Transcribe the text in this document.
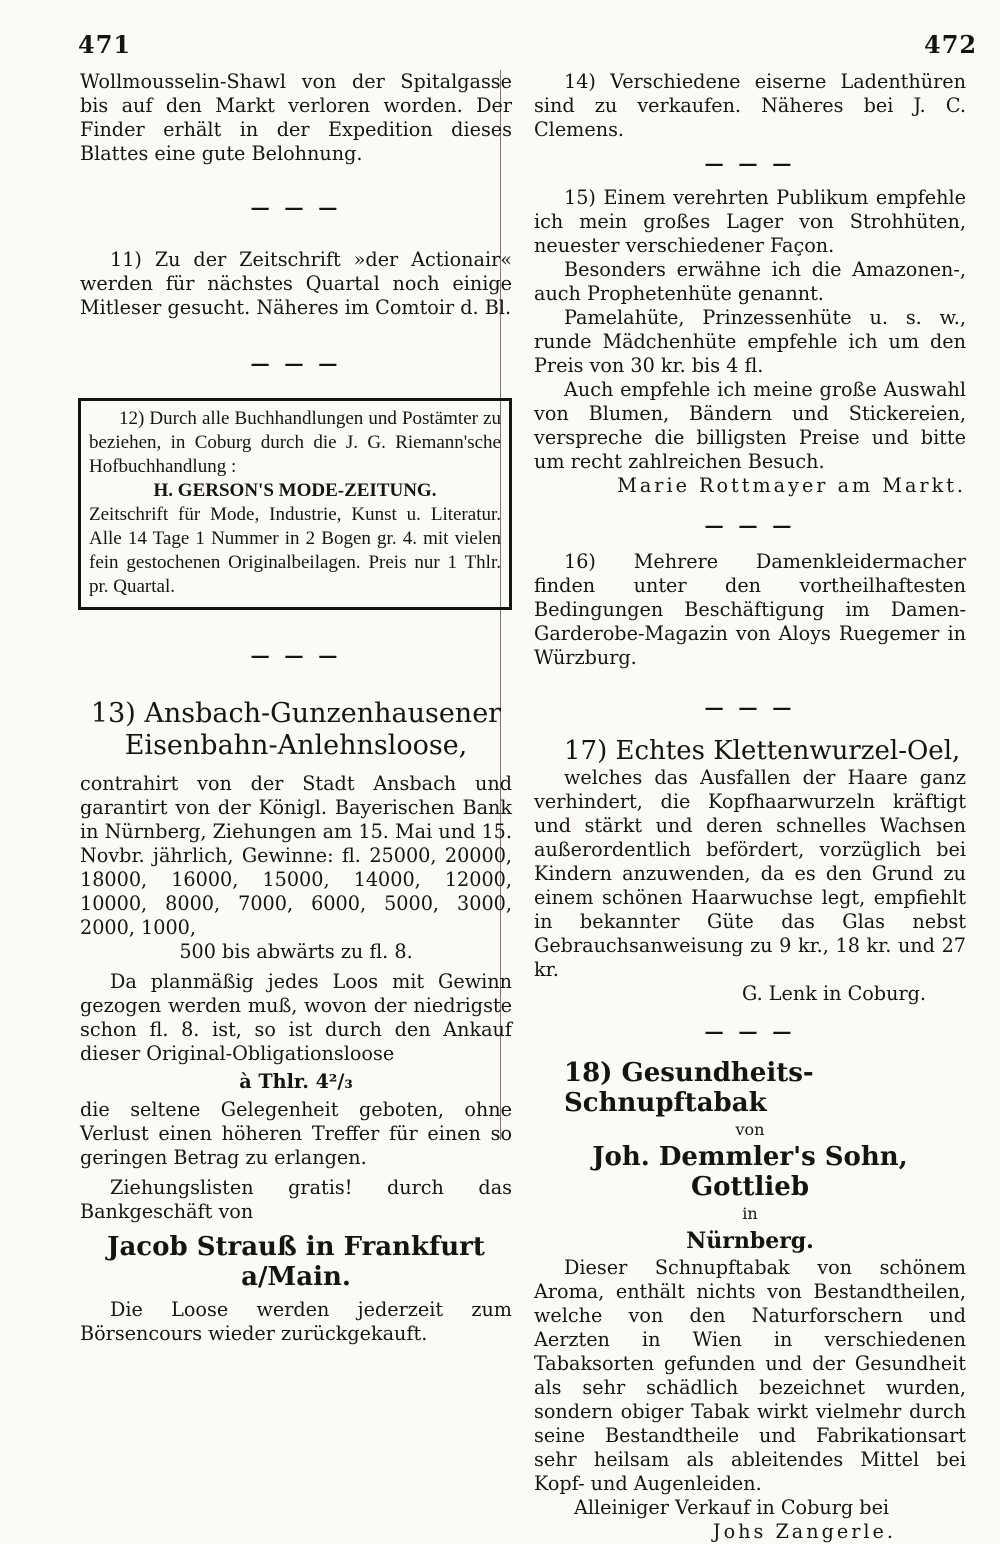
471	472

Wollmousselin-Shawl von der Spitalgasse bis auf den Markt verloren worden. Der Finder erhält in der Expedition dieses Blattes eine gute Belohnung.

— — —

11) Zu der Zeitschrift »der Actionair« werden für nächstes Quartal noch einige Mitleser gesucht. Näheres im Comtoir d. Bl.

— — —

12) Durch alle Buchhandlungen und Postämter zu beziehen, in Coburg durch die J. G. Riemann'sche Hofbuchhandlung :

H. GERSON'S MODE-ZEITUNG.

Zeitschrift für Mode, Industrie, Kunst u. Literatur. Alle 14 Tage 1 Nummer in 2 Bogen gr. 4. mit vielen fein gestochenen Originalbeilagen. Preis nur 1 Thlr. pr. Quartal.

— — —
13) Ansbach-Gunzenhausener Eisenbahn-Anlehnsloose,

contrahirt von der Stadt Ansbach und garantirt von der Königl. Bayerischen Bank in Nürnberg, Ziehungen am 15. Mai und 15. Novbr. jährlich, Gewinne: fl. 25000, 20000, 18000, 16000, 15000, 14000, 12000, 10000, 8000, 7000, 6000, 5000, 3000, 2000, 1000,

500 bis abwärts zu fl. 8.

Da planmäßig jedes Loos mit Gewinn gezogen werden muß, wovon der niedrigste schon fl. 8. ist, so ist durch den Ankauf dieser Original-Obligationsloose

à Thlr. 4²/₃

die seltene Gelegenheit geboten, ohne Verlust einen höheren Treffer für einen so geringen Betrag zu erlangen.

Ziehungslisten gratis! durch das Bankgeschäft von

Jacob Strauß in Frankfurt a/Main.

Die Loose werden jederzeit zum Börsencours wieder zurückgekauft.

14) Verschiedene eiserne Ladenthüren sind zu verkaufen. Näheres bei J. C. Clemens.

— — —

15) Einem verehrten Publikum empfehle ich mein großes Lager von Strohhüten, neuester verschiedener Façon.

Besonders erwähne ich die Amazonen-, auch Prophetenhüte genannt.

Pamelahüte, Prinzessenhüte u. s. w., runde Mädchenhüte empfehle ich um den Preis von 30 kr. bis 4 fl.

Auch empfehle ich meine große Auswahl von Blumen, Bändern und Stickereien, verspreche die billigsten Preise und bitte um recht zahlreichen Besuch.

Marie Rottmayer am Markt.

— — —

16) Mehrere Damenkleidermacher finden unter den vortheilhaftesten Bedingungen Beschäftigung im Damen-Garderobe-Magazin von Aloys Ruegemer in Würzburg.

— — —
17) Echtes Klettenwurzel-Oel,

welches das Ausfallen der Haare ganz verhindert, die Kopfhaarwurzeln kräftigt und stärkt und deren schnelles Wachsen außerordentlich befördert, vorzüglich bei Kindern anzuwenden, da es den Grund zu einem schönen Haarwuchse legt, empfiehlt in bekannter Güte das Glas nebst Gebrauchsanweisung zu 9 kr., 18 kr. und 27 kr.

G. Lenk in Coburg.

— — —
18) Gesundheits-Schnupftabak

von

Joh. Demmler's Sohn, Gottlieb

in

Nürnberg.

Dieser Schnupftabak von schönem Aroma, enthält nichts von Bestandtheilen, welche von den Naturforschern und Aerzten in Wien in verschiedenen Tabaksorten gefunden und der Gesundheit als sehr schädlich bezeichnet wurden, sondern obiger Tabak wirkt vielmehr durch seine Bestandtheile und Fabrikationsart sehr heilsam als ableitendes Mittel bei Kopf- und Augenleiden.

Alleiniger Verkauf in Coburg bei

Johs Zangerle.
